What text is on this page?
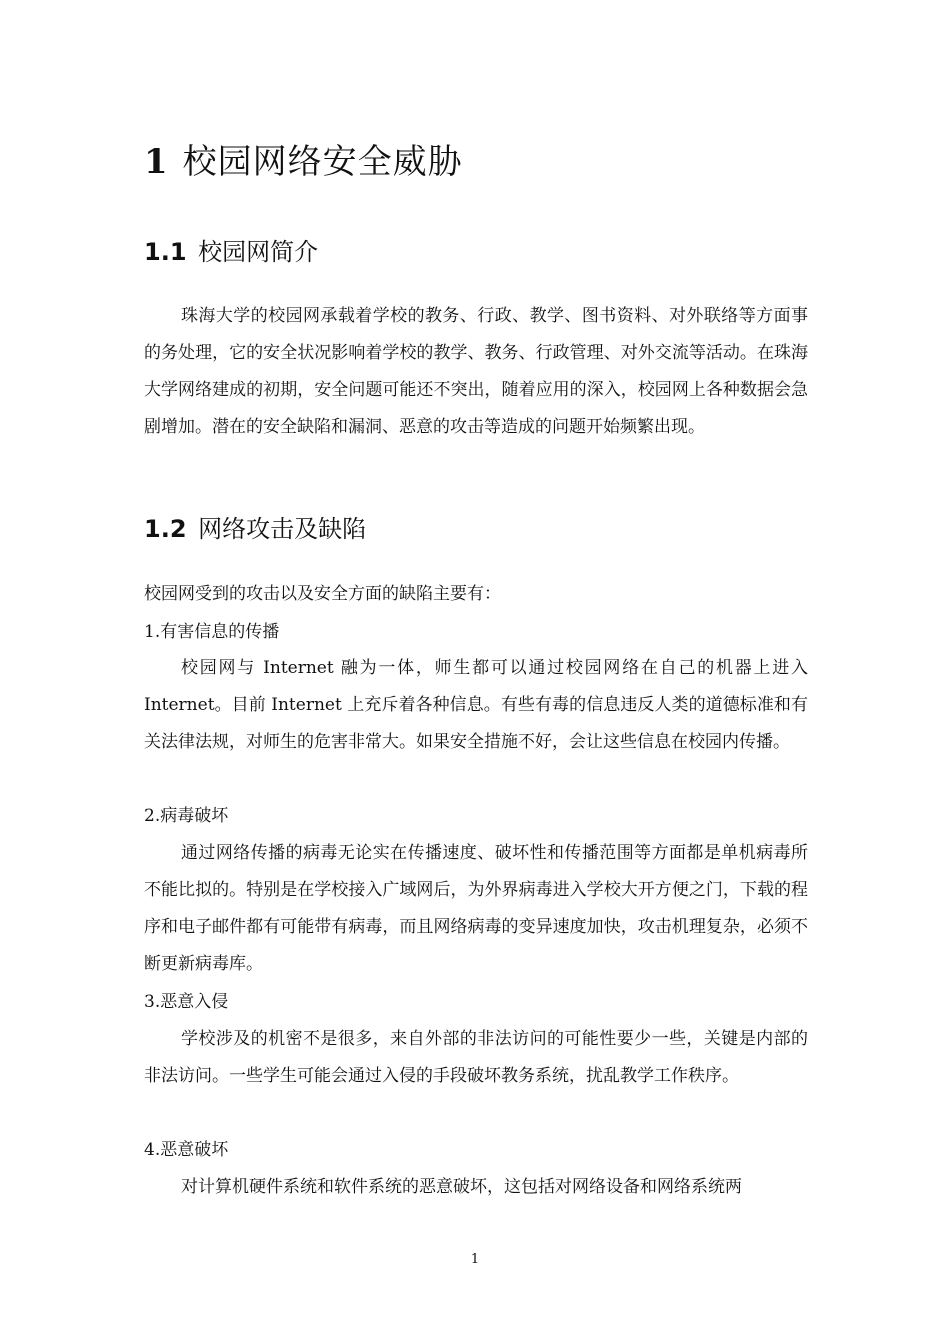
1 校园网络安全威胁
1.1 校园网简介

珠海大学的校园网承载着学校的教务、行政、教学、图书资料、对外联络等方面事的务处理，它的安全状况影响着学校的教学、教务、行政管理、对外交流等活动。在珠海大学网络建成的初期，安全问题可能还不突出，随着应用的深入，校园网上各种数据会急剧增加。潜在的安全缺陷和漏洞、恶意的攻击等造成的问题开始频繁出现。

1.2 网络攻击及缺陷

校园网受到的攻击以及安全方面的缺陷主要有：

1.有害信息的传播

校园网与 Internet 融为一体，师生都可以通过校园网络在自己的机器上进入 Internet。目前 Internet 上充斥着各种信息。有些有毒的信息违反人类的道德标准和有关法律法规，对师生的危害非常大。如果安全措施不好，会让这些信息在校园内传播。

2.病毒破坏

通过网络传播的病毒无论实在传播速度、破坏性和传播范围等方面都是单机病毒所不能比拟的。特别是在学校接入广域网后，为外界病毒进入学校大开方便之门，下载的程序和电子邮件都有可能带有病毒，而且网络病毒的变异速度加快，攻击机理复杂，必须不断更新病毒库。

3.恶意入侵

学校涉及的机密不是很多，来自外部的非法访问的可能性要少一些，关键是内部的非法访问。一些学生可能会通过入侵的手段破坏教务系统，扰乱教学工作秩序。

4.恶意破坏

对计算机硬件系统和软件系统的恶意破坏，这包括对网络设备和网络系统两

1
